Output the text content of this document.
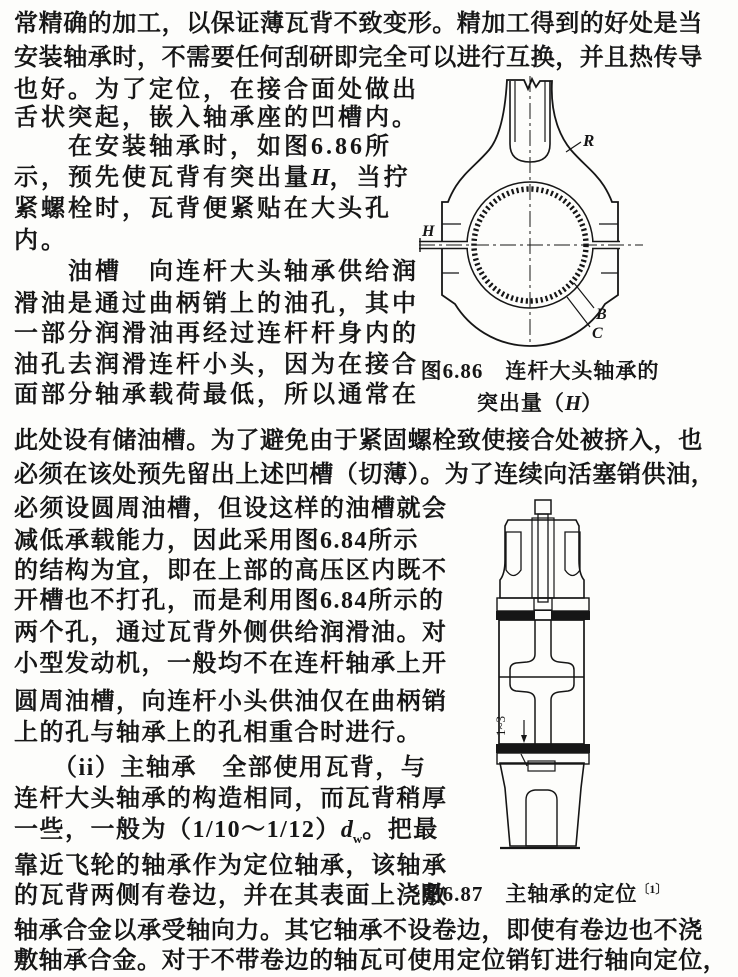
常精确的加工，以保证薄瓦背不致变形。精加工得到的好处是当
安装轴承时，不需要任何刮研即完全可以进行互换，并且热传导
也好。为了定位，在接合面处做出
舌状突起，嵌入轴承座的凹槽内。
　　在安装轴承时，如图6.86所
示，预先使瓦背有突出量H，当拧
紧螺栓时，瓦背便紧贴在大头孔
内。
　　油槽　向连杆大头轴承供给润
滑油是通过曲柄销上的油孔，其中
一部分润滑油再经过连杆杆身内的
油孔去润滑连杆小头，因为在接合
面部分轴承载荷最低，所以通常在
此处设有储油槽。为了避免由于紧固螺栓致使接合处被挤入，也
必须在该处预先留出上述凹槽（切薄）。为了连续向活塞销供油，
必须设圆周油槽，但设这样的油槽就会
减低承载能力，因此采用图6.84所示
的结构为宜，即在上部的高压区内既不
开槽也不打孔，而是利用图6.84所示的
两个孔，通过瓦背外侧供给润滑油。对
小型发动机，一般均不在连杆轴承上开
圆周油槽，向连杆小头供油仅在曲柄销
上的孔与轴承上的孔相重合时进行。
　　（ii）主轴承　全部使用瓦背，与
连杆大头轴承的构造相同，而瓦背稍厚
一些，一般为$(1/10\sim 1/12)d_w$。把最
靠近飞轮的轴承作为定位轴承，该轴承
的瓦背两侧有卷边，并在其表面上浇敷
轴承合金以承受轴向力。其它轴承不设卷边，即使有卷边也不浇
敷轴承合金。对于不带卷边的轴瓦可使用定位销钉进行轴向定位，
R
H
B
C
图6.86　连杆大头轴承的
突出量（H）
1~3
图6.87　主轴承的定位$^{〔1〕}$
